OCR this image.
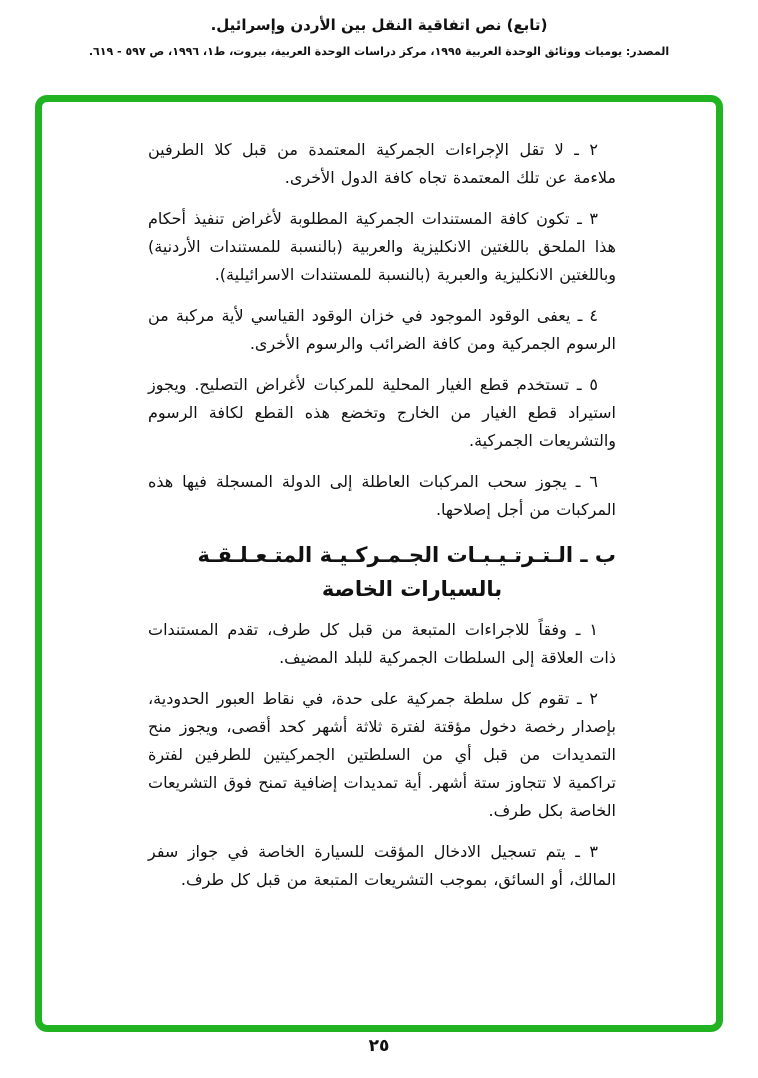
(تابع) نص اتفاقية النقل بين الأردن وإسرائيل.
المصدر: يوميات ووثائق الوحدة العربية ١٩٩٥، مركز دراسات الوحدة العربية، بيروت، ط١، ١٩٩٦، ص ٥٩٧ - ٦١٩.

٢ ـ لا تقل الإجراءات الجمركية المعتمدة من قبل كلا الطرفين ملاءمة عن تلك المعتمدة تجاه كافة الدول الأخرى.

٣ ـ تكون كافة المستندات الجمركية المطلوبة لأغراض تنفيذ أحكام هذا الملحق باللغتين الانكليزية والعربية (بالنسبة للمستندات الأردنية) وباللغتين الانكليزية والعبرية (بالنسبة للمستندات الاسرائيلية).

٤ ـ يعفى الوقود الموجود في خزان الوقود القياسي لأية مركبة من الرسوم الجمركية ومن كافة الضرائب والرسوم الأخرى.

٥ ـ تستخدم قطع الغيار المحلية للمركبات لأغراض التصليح. ويجوز استيراد قطع الغيار من الخارج وتخضع هذه القطع لكافة الرسوم والتشريعات الجمركية.

٦ ـ يجوز سحب المركبات العاطلة إلى الدولة المسجلة فيها هذه المركبات من أجل إصلاحها.

ب ـ الـتـرتـيـبـات الجـمـركـيـة المتـعـلـقـة
بالسيارات الخاصة

١ ـ وفقاً للاجراءات المتبعة من قبل كل طرف، تقدم المستندات ذات العلاقة إلى السلطات الجمركية للبلد المضيف.

٢ ـ تقوم كل سلطة جمركية على حدة، في نقاط العبور الحدودية، بإصدار رخصة دخول مؤقتة لفترة ثلاثة أشهر كحد أقصى، ويجوز منح التمديدات من قبل أي من السلطتين الجمركيتين للطرفين لفترة تراكمية لا تتجاوز ستة أشهر. أية تمديدات إضافية تمنح فوق التشريعات الخاصة بكل طرف.

٣ ـ يتم تسجيل الادخال المؤقت للسيارة الخاصة في جواز سفر المالك، أو السائق، بموجب التشريعات المتبعة من قبل كل طرف.

٢٥
